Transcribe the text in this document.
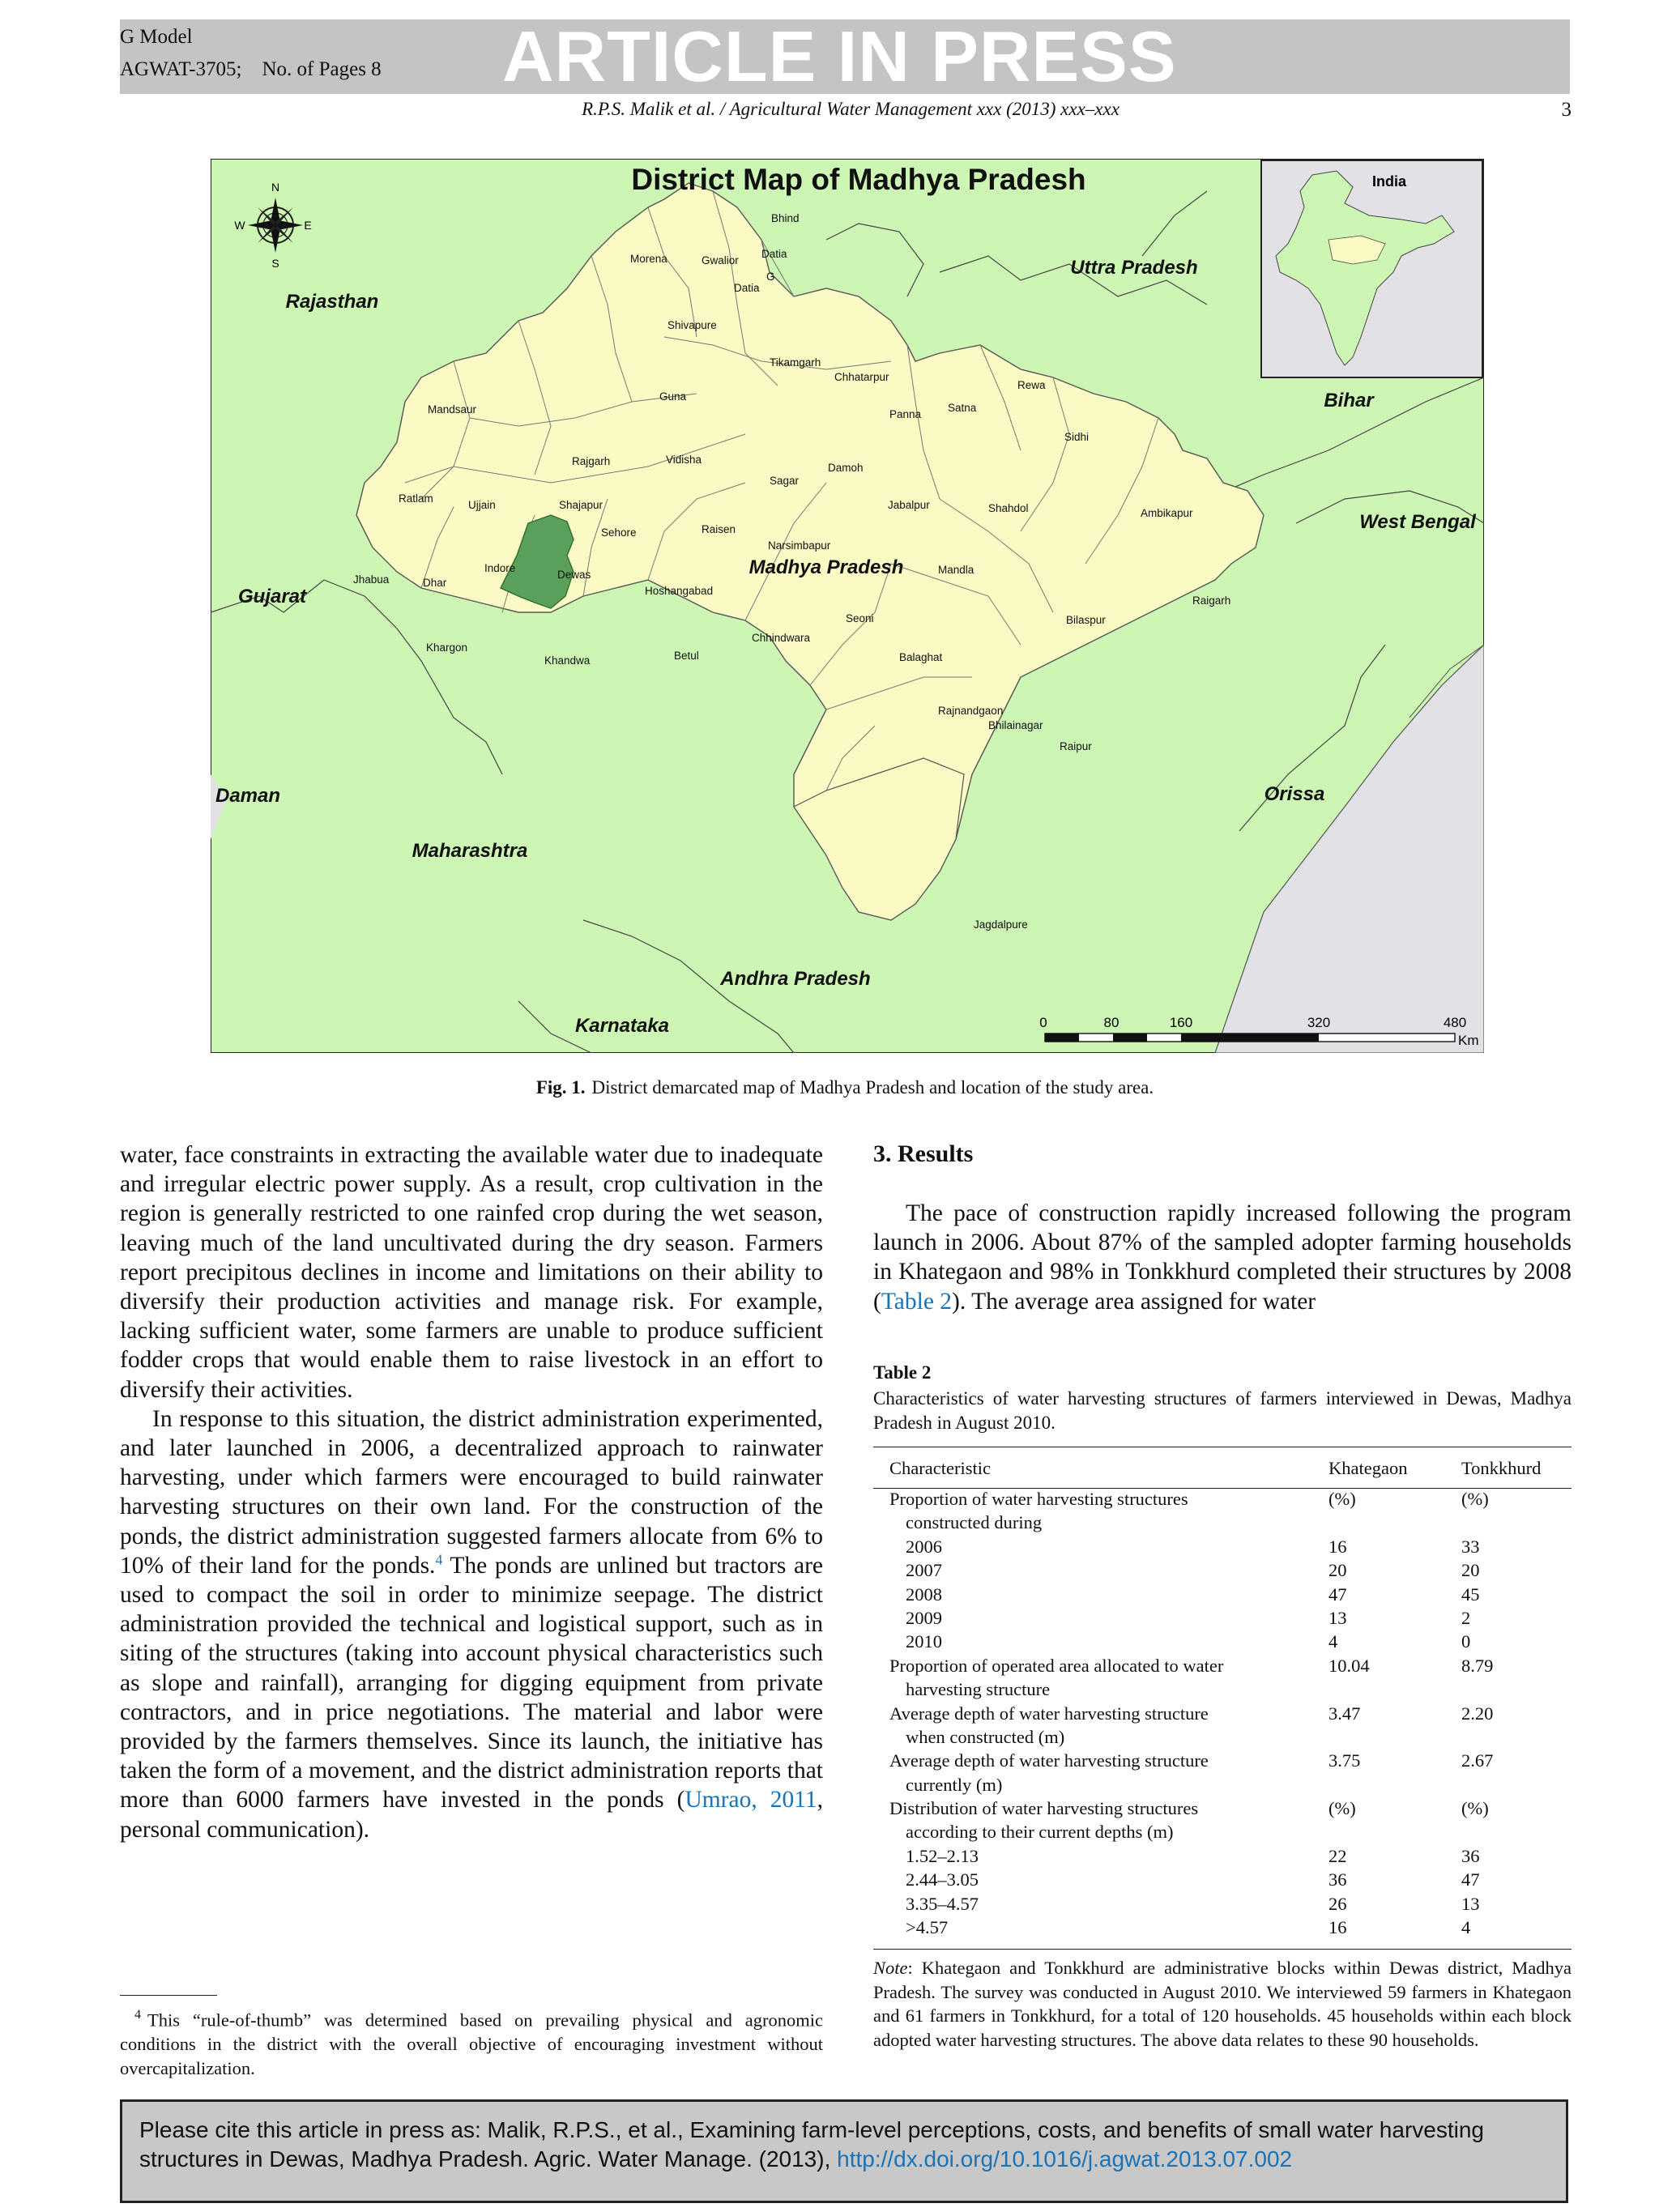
G Model
AGWAT-3705;    No. of Pages 8 ARTICLE IN PRESS
R.P.S. Malik et al. / Agricultural Water Management xxx (2013) xxx–xxx	3
District Map of Madhya Pradesh
N
S
E
W
India
Rajasthan
Uttra Pradesh
Bihar
West Bengal
Gujarat
Daman
Maharashtra
Orissa
Andhra Pradesh
Karnataka
Madhya Pradesh
Bhind
Morena	Gwalior
Datia
G
Datia
Shivapure
Tikamgarh
Chhatarpur
Rewa
Guna
Panna
Satna
Sidhi
Mandsaur
Rajgarh	Vidisha
Sagar
Damoh
Ratlam
Ujjain	Shajapur
Sehore	Raisen
Jabalpur	Shahdol	Ambikapur
Narsimbapur
Jhabua	Dhar
Indore
Dewas
Hoshangabad
Mandla
Raigarh
Seoni	Bilaspur
Chhindwara
Khargon
Khandwa	Betul	Balaghat
Rajnandgaon
Bhilainagar
Raipur
Jagdalpure
0	80	160	320	480
Km
Fig. 1. District demarcated map of Madhya Pradesh and location of the study area.

water, face constraints in extracting the available water due to inadequate and irregular electric power supply. As a result, crop cultivation in the region is generally restricted to one rainfed crop during the wet season, leaving much of the land uncultivated during the dry season. Farmers report precipitous declines in income and limitations on their ability to diversify their production activities and manage risk. For example, lacking sufficient water, some farmers are unable to produce sufficient fodder crops that would enable them to raise livestock in an effort to diversify their activities.

In response to this situation, the district administration experimented, and later launched in 2006, a decentralized approach to rainwater harvesting, under which farmers were encouraged to build rainwater harvesting structures on their own land. For the construction of the ponds, the district administration suggested farmers allocate from 6% to 10% of their land for the ponds.$^4$ The ponds are unlined but tractors are used to compact the soil in order to minimize seepage. The district administration provided the technical and logistical support, such as in siting of the structures (taking into account physical characteristics such as slope and rainfall), arranging for digging equipment from private contractors, and in price negotiations. The material and labor were provided by the farmers themselves. Since its launch, the initiative has taken the form of a movement, and the district administration reports that more than 6000 farmers have invested in the ponds (Umrao, 2011, personal communication).

3. Results

The pace of construction rapidly increased following the program launch in 2006. About 87% of the sampled adopter farming households in Khategaon and 98% in Tonkkhurd completed their structures by 2008 (Table 2). The average area assigned for water

Table 2
Characteristics of water harvesting structures of farmers interviewed in Dewas, Madhya Pradesh in August 2010.
Characteristic	Khategaon	Tonkkhurd
Proportion of water harvesting structures	(%)	(%)
constructed during
2006	16	33
2007	20	20
2008	47	45
2009	13	2
2010	4	0
Proportion of operated area allocated to water	10.04	8.79
harvesting structure
Average depth of water harvesting structure	3.47	2.20
when constructed (m)
Average depth of water harvesting structure	3.75	2.67
currently (m)
Distribution of water harvesting structures	(%)	(%)
according to their current depths (m)
1.52–2.13	22	36
2.44–3.05	36	47
3.35–4.57	26	13
>4.57	16	4
Note: Khategaon and Tonkkhurd are administrative blocks within Dewas district, Madhya Pradesh. The survey was conducted in August 2010. We interviewed 59 farmers in Khategaon and 61 farmers in Tonkkhurd, for a total of 120 households. 45 households within each block adopted water harvesting structures. The above data relates to these 90 households.
$^4$ This “rule-of-thumb” was determined based on prevailing physical and agronomic conditions in the district with the overall objective of encouraging investment without overcapitalization.
Please cite this article in press as: Malik, R.P.S., et al., Examining farm-level perceptions, costs, and benefits of small water harvesting structures in Dewas, Madhya Pradesh. Agric. Water Manage. (2013), http://dx.doi.org/10.1016/j.agwat.2013.07.002
